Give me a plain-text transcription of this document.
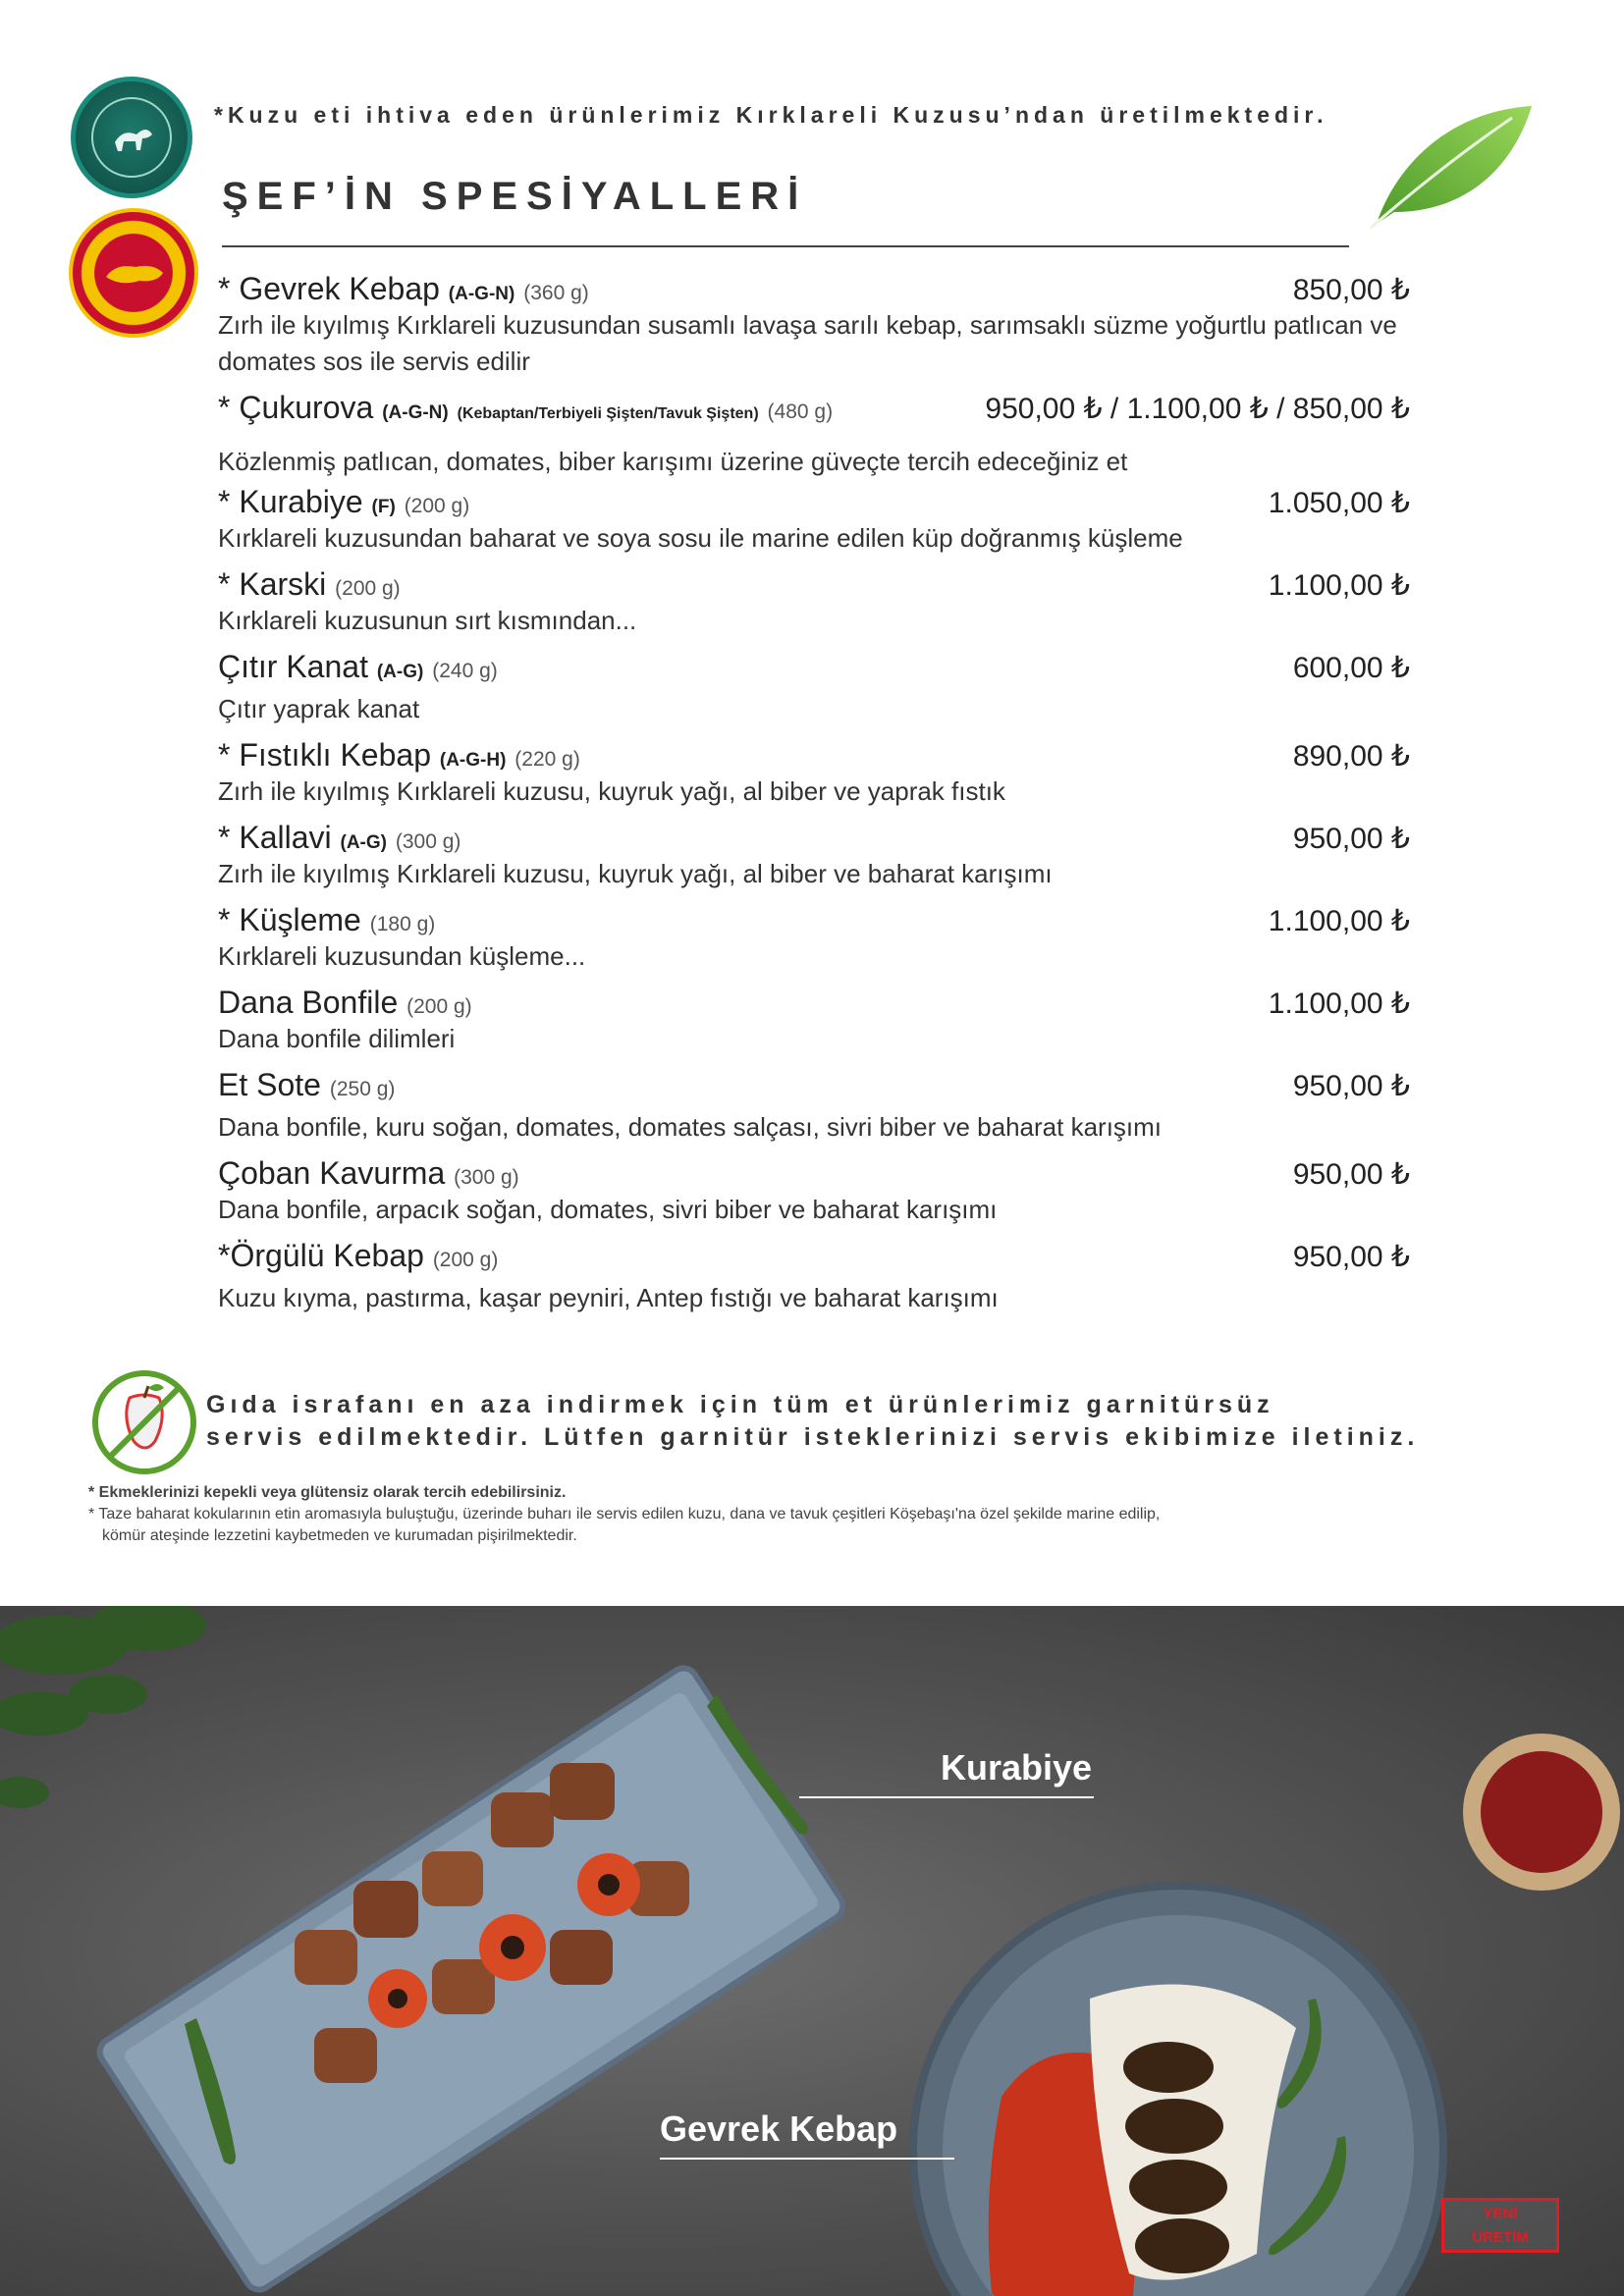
*Kuzu eti ihtiva eden ürünlerimiz Kırklareli Kuzusu’ndan üretilmektedir.
ŞEF’İN SPESİYALLERİ
* Gevrek Kebap (A-G-N) (360 g)	850,00 ₺
Zırh ile kıyılmış Kırklareli kuzusundan susamlı lavaşa sarılı kebap, sarımsaklı süzme yoğurtlu patlıcan ve domates sos ile servis edilir
* Çukurova (A-G-N) (Kebaptan/Terbiyeli Şişten/Tavuk Şişten) (480 g)	950,00 ₺ / 1.100,00 ₺ / 850,00 ₺
Közlenmiş patlıcan, domates, biber karışımı üzerine güveçte tercih edeceğiniz et
* Kurabiye (F) (200 g)	1.050,00 ₺
Kırklareli kuzusundan baharat ve soya sosu ile marine edilen küp doğranmış küşleme
* Karski (200 g)	1.100,00 ₺
Kırklareli kuzusunun sırt kısmından...
Çıtır Kanat (A-G) (240 g)	600,00 ₺
Çıtır yaprak kanat
* Fıstıklı Kebap (A-G-H) (220 g)	890,00 ₺
Zırh ile kıyılmış Kırklareli kuzusu, kuyruk yağı, al biber ve yaprak fıstık
* Kallavi (A-G) (300 g)	950,00 ₺
Zırh ile kıyılmış Kırklareli kuzusu, kuyruk yağı, al biber ve baharat karışımı
* Küşleme (180 g)	1.100,00 ₺
Kırklareli kuzusundan küşleme...
Dana Bonfile (200 g)	1.100,00 ₺
Dana bonfile dilimleri
Et Sote (250 g)	950,00 ₺
Dana bonfile, kuru soğan, domates, domates salçası, sivri biber ve baharat karışımı
Çoban Kavurma (300 g)	950,00 ₺
Dana bonfile, arpacık soğan, domates, sivri biber ve baharat karışımı
*Örgülü Kebap (200 g)	950,00 ₺
Kuzu kıyma, pastırma, kaşar peyniri, Antep fıstığı ve baharat karışımı
Gıda israfanı en aza indirmek için tüm et ürünlerimiz garnitürsüz
servis edilmektedir. Lütfen garnitür isteklerinizi servis ekibimize iletiniz.
* Ekmeklerinizi kepekli veya glütensiz olarak tercih edebilirsiniz.
* Taze baharat kokularının etin aromasıyla buluştuğu, üzerinde buharı ile servis edilen kuzu, dana ve tavuk çeşitleri Köşebaşı'na özel şekilde marine edilip,
kömür ateşinde lezzetini kaybetmeden ve kurumadan pişirilmektedir.
Kurabiye
Gevrek Kebap
YENİ
ÜRETİM
